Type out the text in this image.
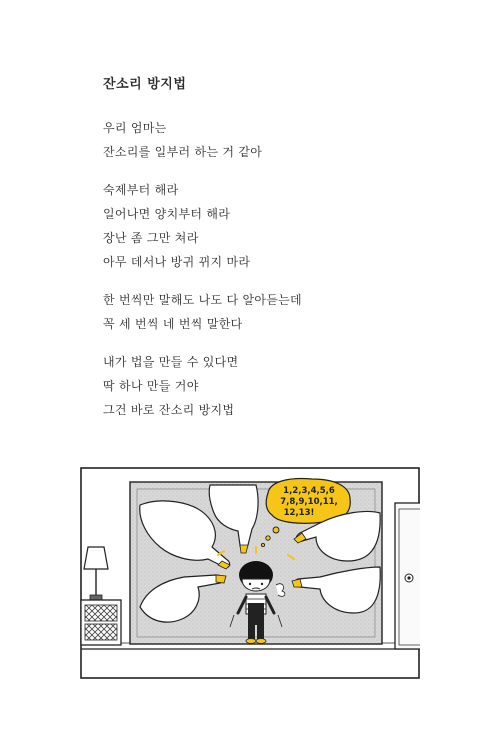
잔소리 방지법
우리 엄마는
잔소리를 일부러 하는 거 같아
숙제부터 해라
일어나면 양치부터 해라
장난 좀 그만 쳐라
아무 데서나 방귀 뀌지 마라
한 번씩만 말해도 나도 다 알아듣는데
꼭 세 번씩 네 번씩 말한다
내가 법을 만들 수 있다면
딱 하나 만들 거야
그건 바로 잔소리 방지법
1,2,3,4,5,6
7,8,9,10,11,
12,13!
